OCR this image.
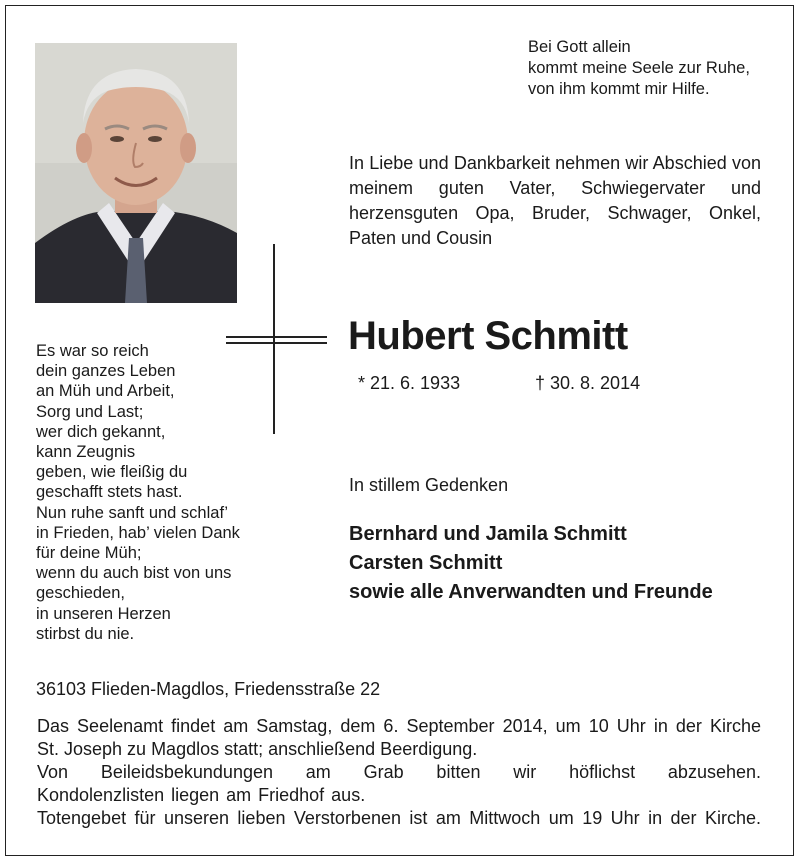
Bei Gott allein
kommt meine Seele zur Ruhe,
von ihm kommt mir Hilfe.
In Liebe und Dankbarkeit nehmen wir Abschied von meinem guten Vater, Schwiegervater und herzensguten Opa, Bruder, Schwager, Onkel, Paten und Cousin
Hubert Schmitt
* 21. 6. 1933	† 30. 8. 2014
Es war so reich
dein ganzes Leben
an Müh und Arbeit,
Sorg und Last;
wer dich gekannt,
kann Zeugnis
geben, wie fleißig du
geschafft stets hast.
Nun ruhe sanft und schlaf’
in Frieden, hab’ vielen Dank
für deine Müh;
wenn du auch bist von uns
geschieden,
in unseren Herzen
stirbst du nie.
In stillem Gedenken
Bernhard und Jamila Schmitt
Carsten Schmitt
sowie alle Anverwandten und Freunde
36103 Flieden-Magdlos, Friedensstraße 22
Das Seelenamt findet am Samstag, dem 6. September 2014, um 10 Uhr in der Kirche
St. Joseph zu Magdlos statt; anschließend Beerdigung.
Von Beileidsbekundungen am Grab bitten wir höflichst abzusehen.
Kondolenzlisten liegen am Friedhof aus.
Totengebet für unseren lieben Verstorbenen ist am Mittwoch um 19 Uhr in der Kirche.
